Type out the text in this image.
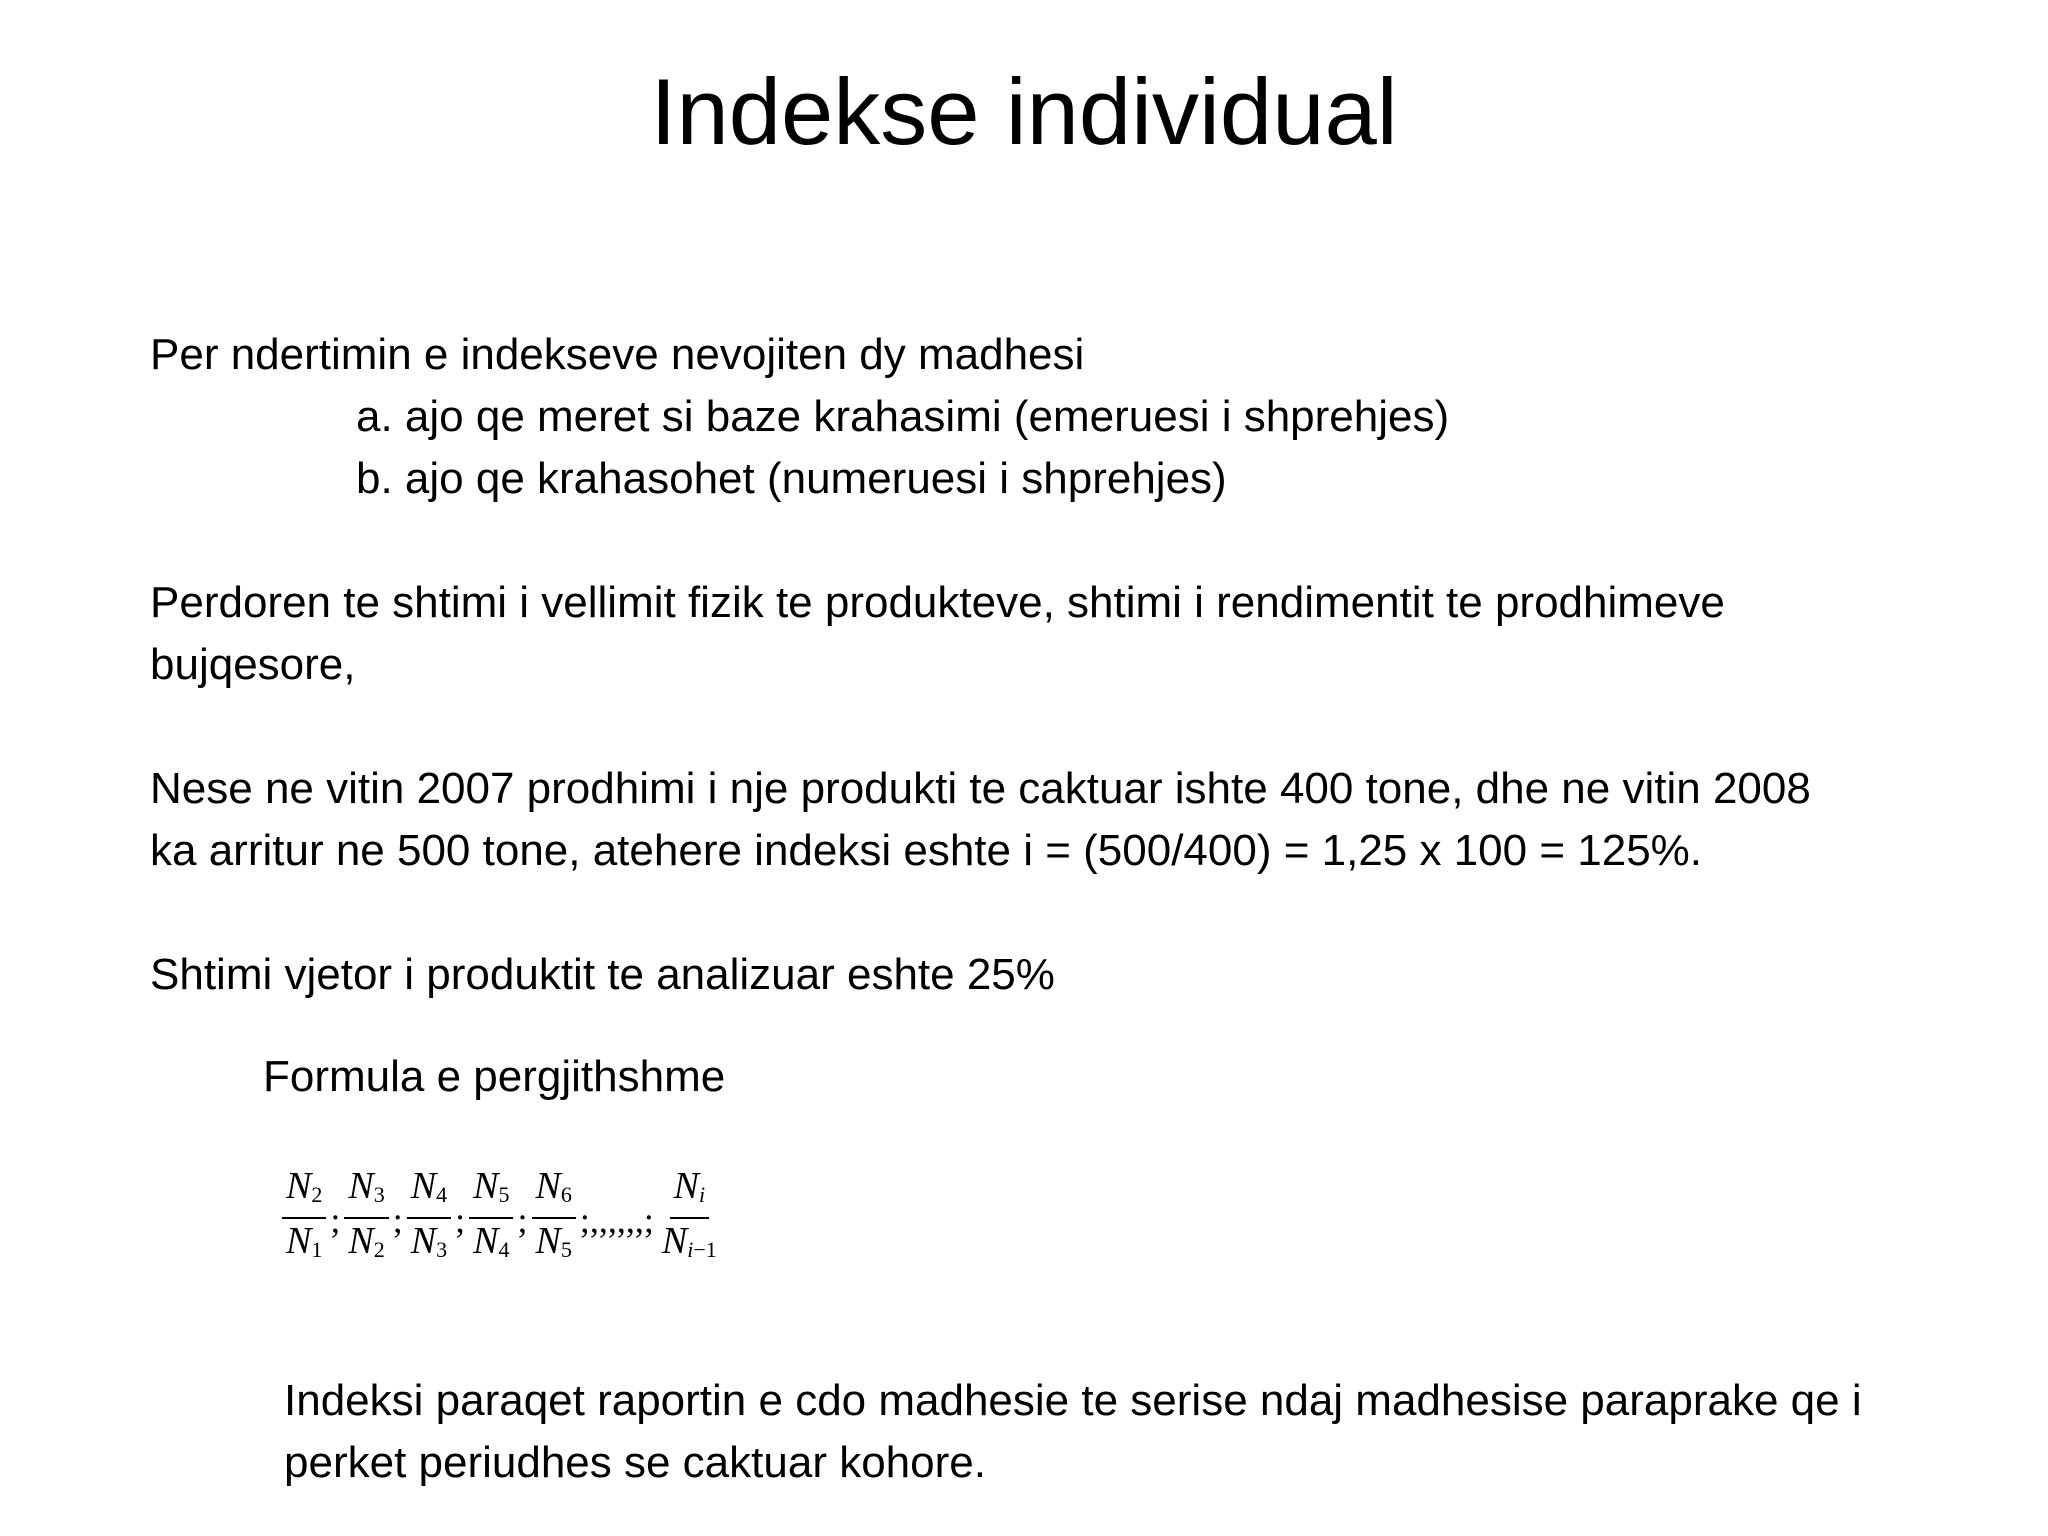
Indekse individual

Per ndertimin e indekseve nevojiten dy madhesi

a. ajo qe meret si baze krahasimi (emeruesi i shprehjes)

b. ajo qe krahasohet (numeruesi i shprehjes)

Perdoren te shtimi i vellimit fizik te produkteve, shtimi i rendimentit te prodhimeve
bujqesore,
Nese ne vitin 2007 prodhimi i nje produkti te caktuar ishte 400 tone, dhe ne vitin 2008
ka arritur ne 500 tone, atehere indeksi eshte i = (500/400) = 1,25 x 100 = 125%.

Shtimi vjetor i produktit te analizuar eshte 25%

Formula e pergjithshme

$\frac{N_2}{N_1}$ ; $\frac{N_3}{N_2}$ ; $\frac{N_4}{N_3}$ ; $\frac{N_5}{N_4}$ ; $\frac{N_6}{N_5}$ ;,,,,,,; $\frac{N_i}{N_{i-1}}$
Indeksi paraqet raportin e cdo madhesie te serise ndaj madhesise paraprake qe i
perket periudhes se caktuar kohore.
